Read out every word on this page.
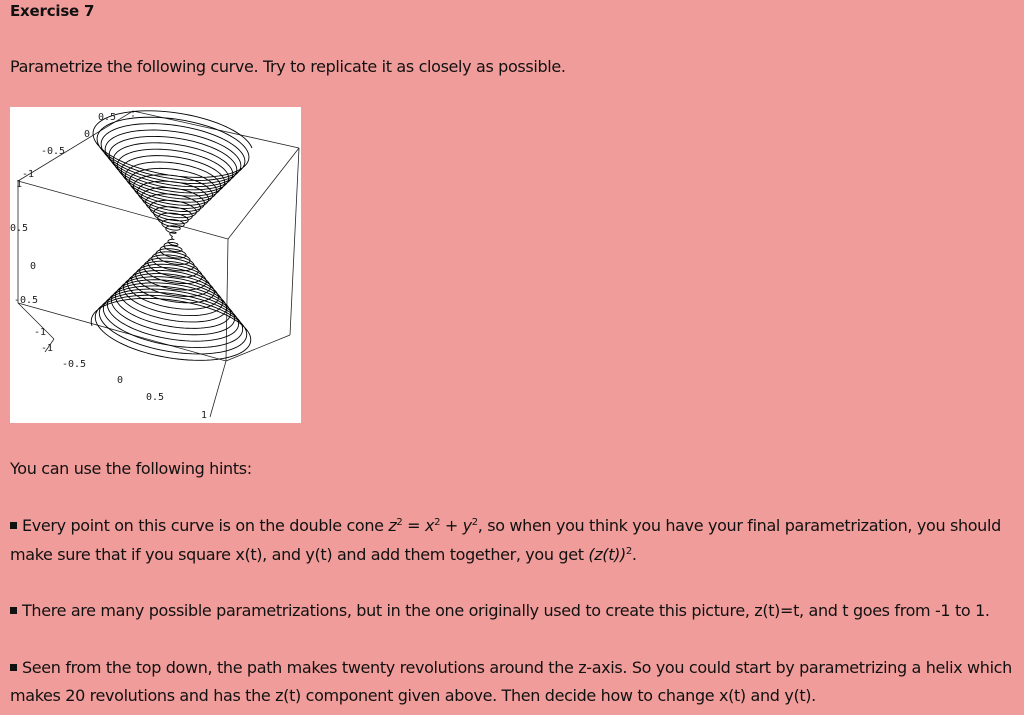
Exercise 7
Parametrize the following curve. Try to replicate it as closely as possible.
0.5
0
-0.5
-1
1
0.5
0
-0.5
-1
-1
-0.5
0
0.5
1
You can use the following hints:
Every point on this curve is on the double cone $z^2 = x^2 + y^2$, so when you think you have your final parametrization, you should
make sure that if you square x(t), and y(t) and add them together, you get $(z(t))^2$.
There are many possible parametrizations, but in the one originally used to create this picture, z(t)=t, and t goes from -1 to 1.
Seen from the top down, the path makes twenty revolutions around the z-axis. So you could start by parametrizing a helix which
makes 20 revolutions and has the z(t) component given above. Then decide how to change x(t) and y(t).
